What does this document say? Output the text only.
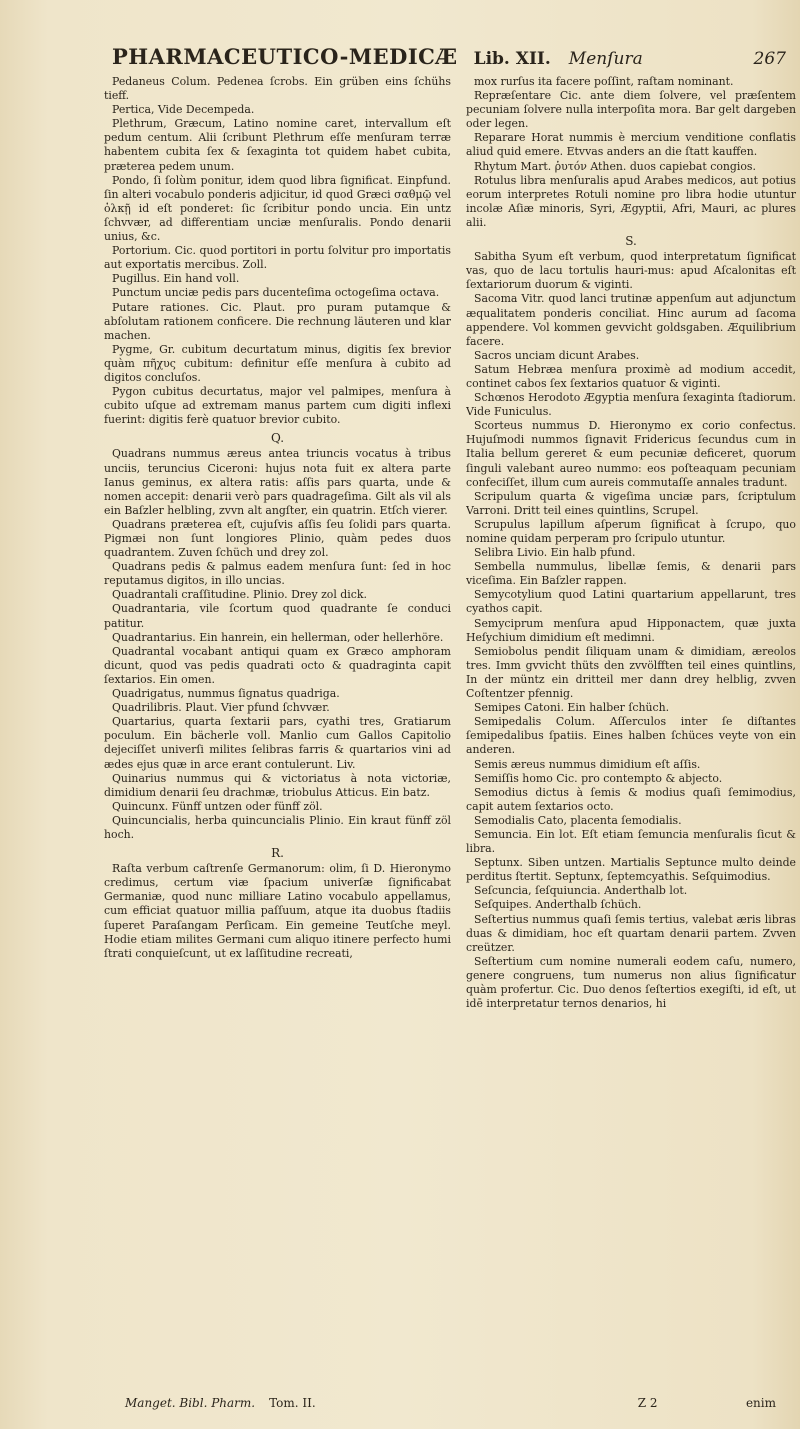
PHARMACEUTICO-MEDICÆ Lib. XII. Menſura	267

Pedaneus Colum. Pedenea ſcrobs. Ein grüben eins ſchühs tieff.

Pertica, Vide Decempeda.

Plethrum, Græcum, Latino nomine caret, intervallum eſt pedum centum. Alii ſcribunt Plethrum eſſe menſuram terræ habentem cubita ſex & ſexaginta tot quidem habet cubita, præterea pedem unum.

Pondo, ſi ſolùm ponitur, idem quod libra ſignificat. Einpfund. ſin alteri vocabulo ponderis adjicitur, id quod Græci σαθμῷ vel ὁλκῇ id eſt ponderet: ſic ſcribitur pondo uncia. Ein untz ſchvvær, ad differentiam unciæ menſuralis. Pondo denarii unius, &c.

Portorium. Cic. quod portitori in portu ſolvitur pro importatis aut exportatis mercibus. Zoll.

Pugillus. Ein hand voll.

Punctum unciæ pedis pars ducenteſima octogeſima octava.

Putare rationes. Cic. Plaut. pro puram putamque & abſolutam rationem conficere. Die rechnung läuteren und klar machen.

Pygme, Gr. cubitum decurtatum minus, digitis ſex brevior quàm πῆχυς cubitum: definitur eſſe menſura à cubito ad digitos concluſos.

Pygon cubitus decurtatus, major vel palmipes, menſura à cubito uſque ad extremam manus partem cum digiti inflexi fuerint: digitis ferè quatuor brevior cubito.

Q.

Quadrans nummus æreus antea triuncis vocatus à tribus unciis, teruncius Ciceroni: hujus nota fuit ex altera parte Ianus geminus, ex altera ratis: aſſis pars quarta, unde & nomen accepit: denarii verò pars quadrageſima. Gilt als vil als ein Baſzler helbling, zvvn alt angſter, ein quatrin. Etſch vierer.

Quadrans præterea eſt, cujuſvis aſſis ſeu ſolidi pars quarta. Pigmæi non ſunt longiores Plinio, quàm pedes duos quadrantem. Zuven ſchüch und drey zol.

Quadrans pedis & palmus eadem menſura ſunt: ſed in hoc reputamus digitos, in illo uncias.

Quadrantali craſſitudine. Plinio. Drey zol dick.

Quadrantaria, vile ſcortum quod quadrante ſe conduci patitur.

Quadrantarius. Ein hanrein, ein hellerman, oder hellerhöre.

Quadrantal vocabant antiqui quam ex Græco amphoram dicunt, quod vas pedis quadrati octo & quadraginta capit ſextarios. Ein omen.

Quadrigatus, nummus ſignatus quadriga.

Quadrilibris. Plaut. Vier pfund ſchvvær.

Quartarius, quarta ſextarii pars, cyathi tres, Gratiarum poculum. Ein bächerle voll. Manlio cum Gallos Capitolio dejeciſſet univerſi milites ſelibras farris & quartarios vini ad ædes ejus quæ in arce erant contulerunt. Liv.

Quinarius nummus qui & victoriatus à nota victoriæ, dimidium denarii ſeu drachmæ, triobulus Atticus. Ein batz.

Quincunx. Fünff untzen oder fünff zöl.

Quincuncialis, herba quincuncialis Plinio. Ein kraut fünff zöl hoch.

R.

Raſta verbum caſtrenſe Germanorum: olim, ſi D. Hieronymo credimus, certum viæ ſpacium univerſæ ſignificabat Germaniæ, quod nunc milliare Latino vocabulo appellamus, cum efficiat quatuor millia paſſuum, atque ita duobus ſtadiis ſuperet Paraſangam Perſicam. Ein gemeine Teutſche meyl. Hodie etiam milites Germani cum aliquo itinere perfecto humi ſtrati conquieſcunt, ut ex laſſitudine recreati,

mox rurſus ita facere poſſint, raſtam nominant.

Repræſentare Cic. ante diem ſolvere, vel præſentem pecuniam ſolvere nulla interpoſita mora. Bar gelt dargeben oder legen.

Reparare Horat nummis è mercium venditione conflatis aliud quid emere. Etvvas anders an die ſtatt kauffen.

Rhytum Mart. ῥυτόν Athen. duos capiebat congios.

Rotulus libra menſuralis apud Arabes medicos, aut potius eorum interpretes Rotuli nomine pro libra hodie utuntur incolæ Aſiæ minoris, Syri, Ægyptii, Afri, Mauri, ac plures alii.

S.

Sabitha Syum eſt verbum, quod interpretatum ſignificat vas, quo de lacu tortulis hauri-mus: apud Aſcalonitas eſt ſextariorum duorum & viginti.

Sacoma Vitr. quod lanci trutinæ appenſum aut adjunctum æqualitatem ponderis conciliat. Hinc aurum ad ſacoma appendere. Vol kommen gevvicht goldsgaben. Æquilibrium facere.

Sacros unciam dicunt Arabes.

Satum Hebræa menſura proximè ad modium accedit, continet cabos ſex ſextarios quatuor & viginti.

Schœnos Herodoto Ægyptia menſura ſexaginta ſtadiorum. Vide Funiculus.

Scorteus nummus D. Hieronymo ex corio confectus. Hujuſmodi nummos ſignavit Fridericus ſecundus cum in Italia bellum gereret & eum pecuniæ deficeret, quorum ſinguli valebant aureo nummo: eos poſteaquam pecuniam confeciſſet, illum cum aureis commutaſſe annales tradunt.

Scripulum quarta & vigeſima unciæ pars, ſcriptulum Varroni. Dritt teil eines quintlins, Scrupel.

Scrupulus lapillum aſperum ſignificat à ſcrupo, quo nomine quidam perperam pro ſcripulo utuntur.

Selibra Livio. Ein halb pfund.

Sembella nummulus, libellæ ſemis, & denarii pars viceſima. Ein Baſzler rappen.

Semycotylium quod Latini quartarium appellarunt, tres cyathos capit.

Semyciprum menſura apud Hipponactem, quæ juxta Heſychium dimidium eſt medimni.

Semiobolus pendit ſiliquam unam & dimidiam, æreolos tres. Imm gvvicht thüts den zvvölfften teil eines quintlins, In der müntz ein dritteil mer dann drey helblig, zvven Coſtentzer pfennig.

Semipes Catoni. Ein halber ſchüch.

Semipedalis Colum. Aſſerculos inter ſe diſtantes ſemipedalibus ſpatiis. Eines halben ſchüces veyte von ein anderen.

Semis æreus nummus dimidium eſt aſſis.

Semiſſis homo Cic. pro contempto & abjecto.

Semodius dictus à ſemis & modius quaſi ſemimodius, capit autem ſextarios octo.

Semodialis Cato, placenta ſemodialis.

Semuncia. Ein lot. Eſt etiam ſemuncia menſuralis ſicut & libra.

Septunx. Siben untzen. Martialis Septunce multo deinde perditus ſtertit. Septunx, ſeptemcyathis. Seſquimodius.

Seſcuncia, ſeſquiuncia. Anderthalb lot.

Seſquipes. Anderthalb ſchüch.

Seſtertius nummus quaſi ſemis tertius, valebat æris libras duas & dimidiam, hoc eſt quartam denarii partem. Zvven creützer.

Seſtertium cum nomine numerali eodem caſu, numero, genere congruens, tum numerus non alius ſignificatur quàm profertur. Cic. Duo denos ſeſtertios exegiſti, id eſt, ut idē interpretatur ternos denarios, hi

Manget. Bibl. Pharm. Tom. II.	Z 2	enim
